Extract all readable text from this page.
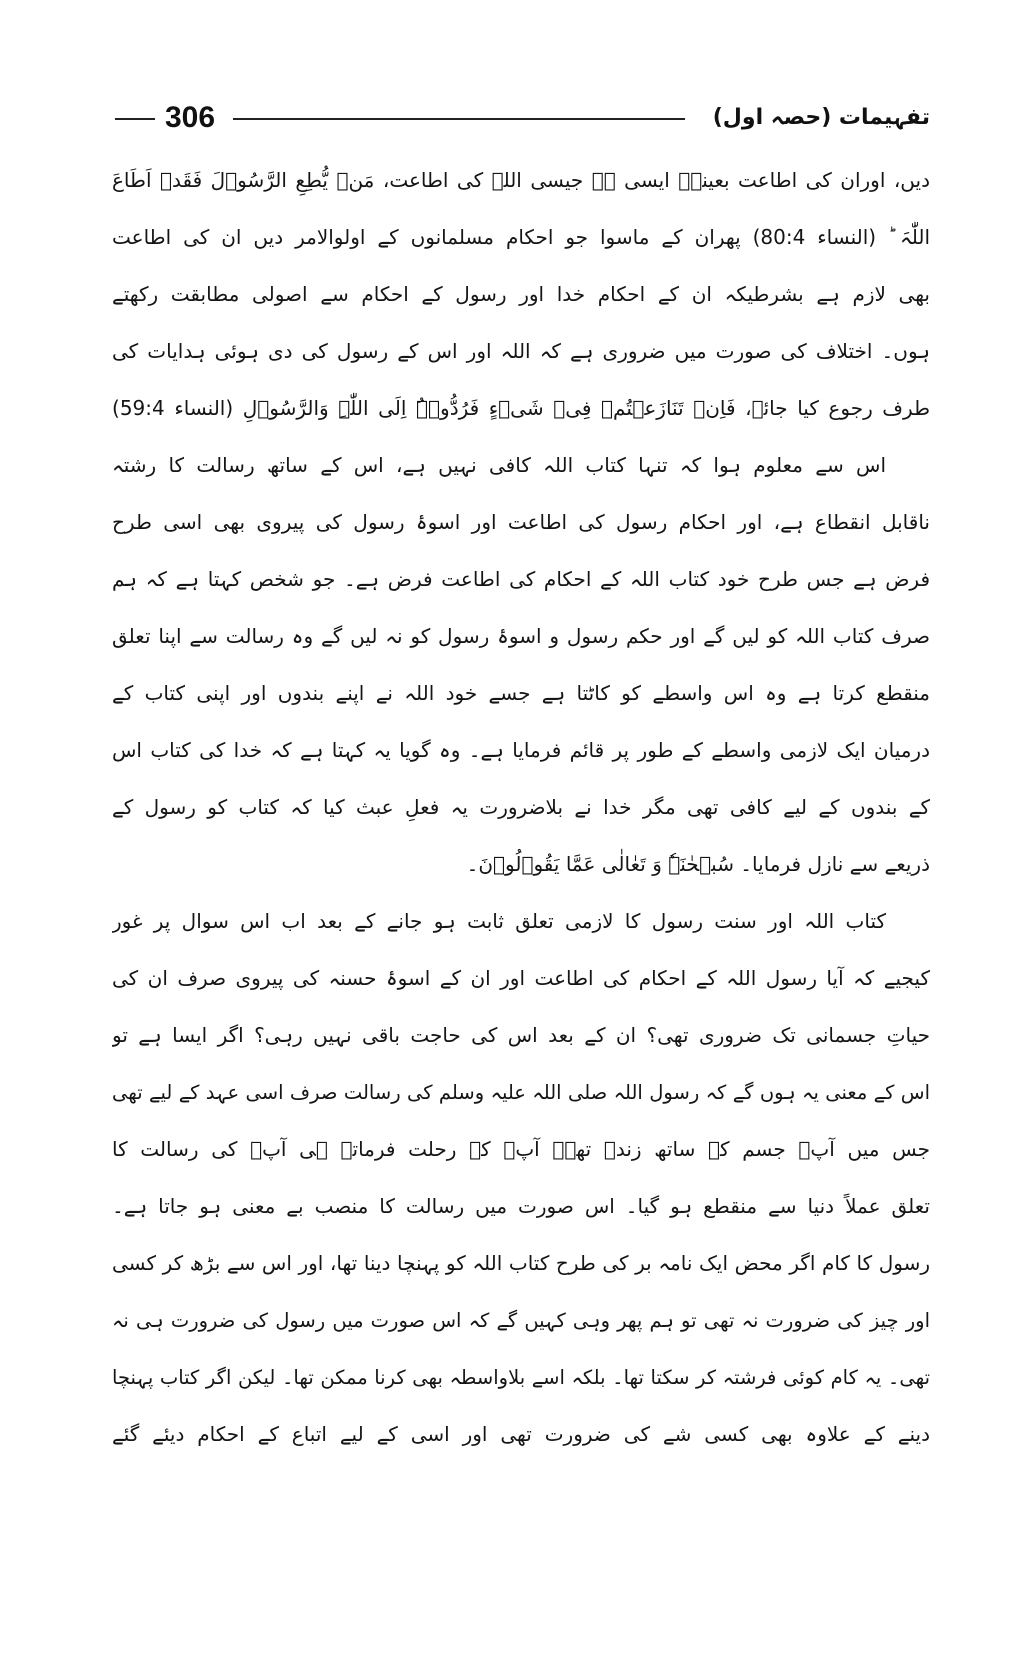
306	تفہیمات (حصہ اول)
دیں، اوران کی اطاعت بعینہٖ ایسی ہے جیسی اللہ کی اطاعت، مَنۡ یُّطِعِ الرَّسُوۡلَ فَقَدۡ اَطَاعَ
اللّٰہَ ؕ (النساء 80:4) پھران کے ماسوا جو احکام مسلمانوں کے اولوالامر دیں ان کی اطاعت
بھی لازم ہے بشرطیکہ ان کے احکام خدا اور رسول کے احکام سے اصولی مطابقت رکھتے
ہوں۔ اختلاف کی صورت میں ضروری ہے کہ اللہ اور اس کے رسول کی دی ہوئی ہدایات کی
طرف رجوع کیا جائے، فَاِنۡ تَنَازَعۡتُمۡ فِیۡ شَیۡءٍ فَرُدُّوۡہُ اِلَی اللّٰہِ وَالرَّسُوۡلِ (النساء 59:4)
اس سے معلوم ہوا کہ تنہا کتاب اللہ کافی نہیں ہے، اس کے ساتھ رسالت کا رشتہ
ناقابل انقطاع ہے، اور احکام رسول کی اطاعت اور اسوۂ رسول کی پیروی بھی اسی طرح
فرض ہے جس طرح خود کتاب اللہ کے احکام کی اطاعت فرض ہے۔ جو شخص کہتا ہے کہ ہم
صرف کتاب اللہ کو لیں گے اور حکم رسول و اسوۂ رسول کو نہ لیں گے وہ رسالت سے اپنا تعلق
منقطع کرتا ہے وہ اس واسطے کو کاٹتا ہے جسے خود اللہ نے اپنے بندوں اور اپنی کتاب کے
درمیان ایک لازمی واسطے کے طور پر قائم فرمایا ہے۔ وہ گویا یہ کہتا ہے کہ خدا کی کتاب اس
کے بندوں کے لیے کافی تھی مگر خدا نے بلاضرورت یہ فعلِ عبث کیا کہ کتاب کو رسول کے
ذریعے سے نازل فرمایا۔ سُبۡحٰنَہٗ وَ تَعٰالٰی عَمَّا یَقُوۡلُوۡنَ۔
کتاب اللہ اور سنت رسول کا لازمی تعلق ثابت ہو جانے کے بعد اب اس سوال پر غور
کیجیے کہ آیا رسول اللہ کے احکام کی اطاعت اور ان کے اسوۂ حسنہ کی پیروی صرف ان کی
حیاتِ جسمانی تک ضروری تھی؟ ان کے بعد اس کی حاجت باقی نہیں رہی؟ اگر ایسا ہے تو
اس کے معنی یہ ہوں گے کہ رسول اللہ صلی اللہ علیہ وسلم کی رسالت صرف اسی عہد کے لیے تھی
جس میں آپؐ جسم کے ساتھ زندہ تھے۔ آپؐ کے رحلت فرماتے ہی آپؐ کی رسالت کا
تعلق عملاً دنیا سے منقطع ہو گیا۔ اس صورت میں رسالت کا منصب بے معنی ہو جاتا ہے۔
رسول کا کام اگر محض ایک نامہ بر کی طرح کتاب اللہ کو پہنچا دینا تھا، اور اس سے بڑھ کر کسی
اور چیز کی ضرورت نہ تھی تو ہم پھر وہی کہیں گے کہ اس صورت میں رسول کی ضرورت ہی نہ
تھی۔ یہ کام کوئی فرشتہ کر سکتا تھا۔ بلکہ اسے بلاواسطہ بھی کرنا ممکن تھا۔ لیکن اگر کتاب پہنچا
دینے کے علاوہ بھی کسی شے کی ضرورت تھی اور اسی کے لیے اتباع کے احکام دیئے گئے
